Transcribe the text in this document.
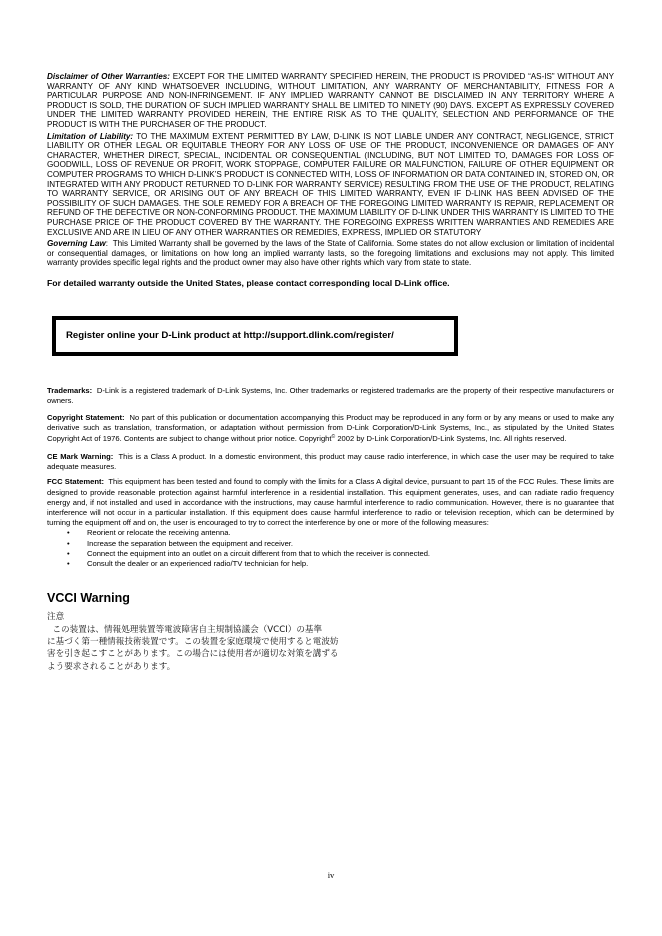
Disclaimer of Other Warranties: EXCEPT FOR THE LIMITED WARRANTY SPECIFIED HEREIN, THE PRODUCT IS PROVIDED “AS-IS” WITHOUT ANY WARRANTY OF ANY KIND WHATSOEVER INCLUDING, WITHOUT LIMITATION, ANY WARRANTY OF MERCHANTABILITY, FITNESS FOR A PARTICULAR PURPOSE AND NON-INFRINGEMENT. IF ANY IMPLIED WARRANTY CANNOT BE DISCLAIMED IN ANY TERRITORY WHERE A PRODUCT IS SOLD, THE DURATION OF SUCH IMPLIED WARRANTY SHALL BE LIMITED TO NINETY (90) DAYS. EXCEPT AS EXPRESSLY COVERED UNDER THE LIMITED WARRANTY PROVIDED HEREIN, THE ENTIRE RISK AS TO THE QUALITY, SELECTION AND PERFORMANCE OF THE PRODUCT IS WITH THE PURCHASER OF THE PRODUCT.

Limitation of Liability: TO THE MAXIMUM EXTENT PERMITTED BY LAW, D-LINK IS NOT LIABLE UNDER ANY CONTRACT, NEGLIGENCE, STRICT LIABILITY OR OTHER LEGAL OR EQUITABLE THEORY FOR ANY LOSS OF USE OF THE PRODUCT, INCONVENIENCE OR DAMAGES OF ANY CHARACTER, WHETHER DIRECT, SPECIAL, INCIDENTAL OR CONSEQUENTIAL (INCLUDING, BUT NOT LIMITED TO, DAMAGES FOR LOSS OF GOODWILL, LOSS OF REVENUE OR PROFIT, WORK STOPPAGE, COMPUTER FAILURE OR MALFUNCTION, FAILURE OF OTHER EQUIPMENT OR COMPUTER PROGRAMS TO WHICH D-LINK’S PRODUCT IS CONNECTED WITH, LOSS OF INFORMATION OR DATA CONTAINED IN, STORED ON, OR INTEGRATED WITH ANY PRODUCT RETURNED TO D-LINK FOR WARRANTY SERVICE) RESULTING FROM THE USE OF THE PRODUCT, RELATING TO WARRANTY SERVICE, OR ARISING OUT OF ANY BREACH OF THIS LIMITED WARRANTY, EVEN IF D-LINK HAS BEEN ADVISED OF THE POSSIBILITY OF SUCH DAMAGES. THE SOLE REMEDY FOR A BREACH OF THE FOREGOING LIMITED WARRANTY IS REPAIR, REPLACEMENT OR REFUND OF THE DEFECTIVE OR NON-CONFORMING PRODUCT. THE MAXIMUM LIABILITY OF D-LINK UNDER THIS WARRANTY IS LIMITED TO THE PURCHASE PRICE OF THE PRODUCT COVERED BY THE WARRANTY. THE FOREGOING EXPRESS WRITTEN WARRANTIES AND REMEDIES ARE EXCLUSIVE AND ARE IN LIEU OF ANY OTHER WARRANTIES OR REMEDIES, EXPRESS, IMPLIED OR STATUTORY

Governing Law: This Limited Warranty shall be governed by the laws of the State of California. Some states do not allow exclusion or limitation of incidental or consequential damages, or limitations on how long an implied warranty lasts, so the foregoing limitations and exclusions may not apply. This limited warranty provides specific legal rights and the product owner may also have other rights which vary from state to state.

For detailed warranty outside the United States, please contact corresponding local D-Link office.

Register online your D-Link product at http://support.dlink.com/register/

Trademarks: D-Link is a registered trademark of D-Link Systems, Inc. Other trademarks or registered trademarks are the property of their respective manufacturers or owners.

Copyright Statement: No part of this publication or documentation accompanying this Product may be reproduced in any form or by any means or used to make any derivative such as translation, transformation, or adaptation without permission from D-Link Corporation/D-Link Systems, Inc., as stipulated by the United States Copyright Act of 1976. Contents are subject to change without prior notice. Copyright© 2002 by D-Link Corporation/D-Link Systems, Inc. All rights reserved.

CE Mark Warning: This is a Class A product. In a domestic environment, this product may cause radio interference, in which case the user may be required to take adequate measures.

FCC Statement: This equipment has been tested and found to comply with the limits for a Class A digital device, pursuant to part 15 of the FCC Rules. These limits are designed to provide reasonable protection against harmful interference in a residential installation. This equipment generates, uses, and can radiate radio frequency energy and, if not installed and used in accordance with the instructions, may cause harmful interference to radio communication. However, there is no guarantee that interference will not occur in a particular installation. If this equipment does cause harmful interference to radio or television reception, which can be determined by turning the equipment off and on, the user is encouraged to try to correct the interference by one or more of the following measures:

• Reorient or relocate the receiving antenna.
• Increase the separation between the equipment and receiver.
• Connect the equipment into an outlet on a circuit different from that to which the receiver is connected.
• Consult the dealer or an experienced radio/TV technician for help.
VCCI Warning
注意
この装置は、情報処理装置等電波障害自主規制協議会（VCCI）の基準
に基づく第一種情報技術装置です。この装置を家庭環境で使用すると電波妨
害を引き起こすことがあります。この場合には使用者が適切な対策を講ずる
よう要求されることがあります。
iv
